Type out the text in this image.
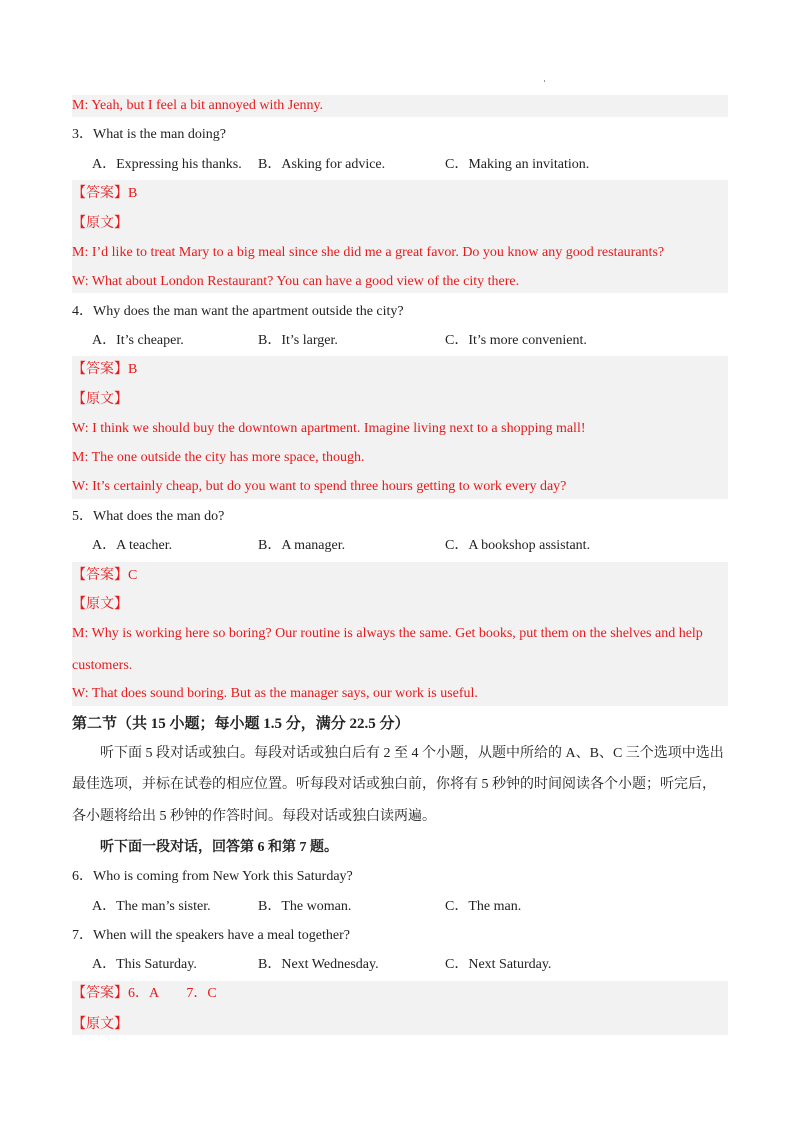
M: Yeah, but I feel a bit annoyed with Jenny.
3．What is the man doing?
A．Expressing his thanks. B．Asking for advice.	C．Making an invitation.
【答案】B
【原文】
M: I’d like to treat Mary to a big meal since she did me a great favor. Do you know any good restaurants?
W: What about London Restaurant? You can have a good view of the city there.
4．Why does the man want the apartment outside the city?
A．It’s cheaper.	B．It’s larger.	C．It’s more convenient.
【答案】B
【原文】
W: I think we should buy the downtown apartment. Imagine living next to a shopping mall!
M: The one outside the city has more space, though.
W: It’s certainly cheap, but do you want to spend three hours getting to work every day?
5．What does the man do?
A．A teacher.	B．A manager.	C．A bookshop assistant.
【答案】C
【原文】
M: Why is working here so boring? Our routine is always the same. Get books, put them on the shelves and help
customers.
W: That does sound boring. But as the manager says, our work is useful.
第二节（共 15 小题；每小题 1.5 分，满分 22.5 分）
听下面 5 段对话或独白。每段对话或独白后有 2 至 4 个小题，从题中所给的 A、B、C 三个选项中选出
最佳选项，并标在试卷的相应位置。听每段对话或独白前，你将有 5 秒钟的时间阅读各个小题；听完后，
各小题将给出 5 秒钟的作答时间。每段对话或独白读两遍。
听下面一段对话，回答第 6 和第 7 题。
6．Who is coming from New York this Saturday?
A．The man’s sister.	B．The woman.	C．The man.
7．When will the speakers have a meal together?
A．This Saturday.	B．Next Wednesday.	C．Next Saturday.
【答案】6．A　　7．C
【原文】
